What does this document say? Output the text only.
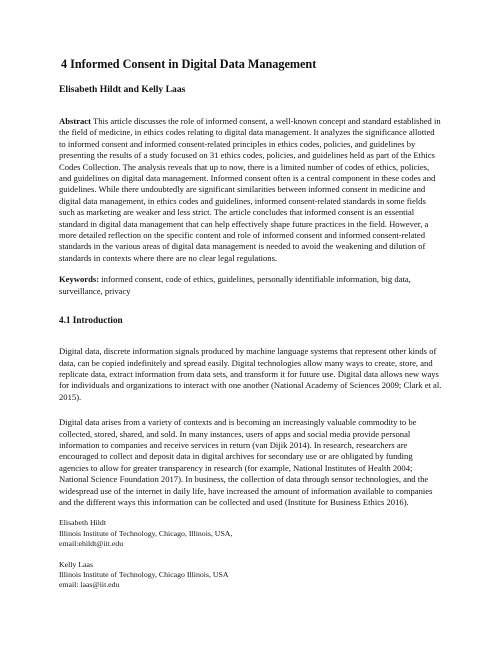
4 Informed Consent in Digital Data Management
Elisabeth Hildt and Kelly Laas
Abstract This article discusses the role of informed consent, a well-known concept and standard established in the field of medicine, in ethics codes relating to digital data management. It analyzes the significance allotted to informed consent and informed consent-related principles in ethics codes, policies, and guidelines by presenting the results of a study focused on 31 ethics codes, policies, and guidelines held as part of the Ethics Codes Collection. The analysis reveals that up to now, there is a limited number of codes of ethics, policies, and guidelines on digital data management. Informed consent often is a central component in these codes and guidelines. While there undoubtedly are significant similarities between informed consent in medicine and digital data management, in ethics codes and guidelines, informed consent-related standards in some fields such as marketing are weaker and less strict. The article concludes that informed consent is an essential standard in digital data management that can help effectively shape future practices in the field. However, a more detailed reflection on the specific content and role of informed consent and informed consent-related standards in the various areas of digital data management is needed to avoid the weakening and dilution of standards in contexts where there are no clear legal regulations.
Keywords: informed consent, code of ethics, guidelines, personally identifiable information, big data, surveillance, privacy
4.1 Introduction
Digital data, discrete information signals produced by machine language systems that represent other kinds of data, can be copied indefinitely and spread easily. Digital technologies allow many ways to create, store, and replicate data, extract information from data sets, and transform it for future use. Digital data allows new ways for individuals and organizations to interact with one another (National Academy of Sciences 2009; Clark et al. 2015).
Digital data arises from a variety of contexts and is becoming an increasingly valuable commodity to be collected, stored, shared, and sold. In many instances, users of apps and social media provide personal information to companies and receive services in return (van Dijik 2014). In research, researchers are encouraged to collect and deposit data in digital archives for secondary use or are obligated by funding agencies to allow for greater transparency in research (for example, National Institutes of Health 2004; National Science Foundation 2017). In business, the collection of data through sensor technologies, and the widespread use of the internet in daily life, have increased the amount of information available to companies and the different ways this information can be collected and used (Institute for Business Ethics 2016).
Elisabeth Hildt
Illinois Institute of Technology, Chicago, Illinois, USA,
email:ehildt@iit.edu
Kelly Laas
Illinois Institute of Technology, Chicago Illinois, USA
email: laas@iit.edu
